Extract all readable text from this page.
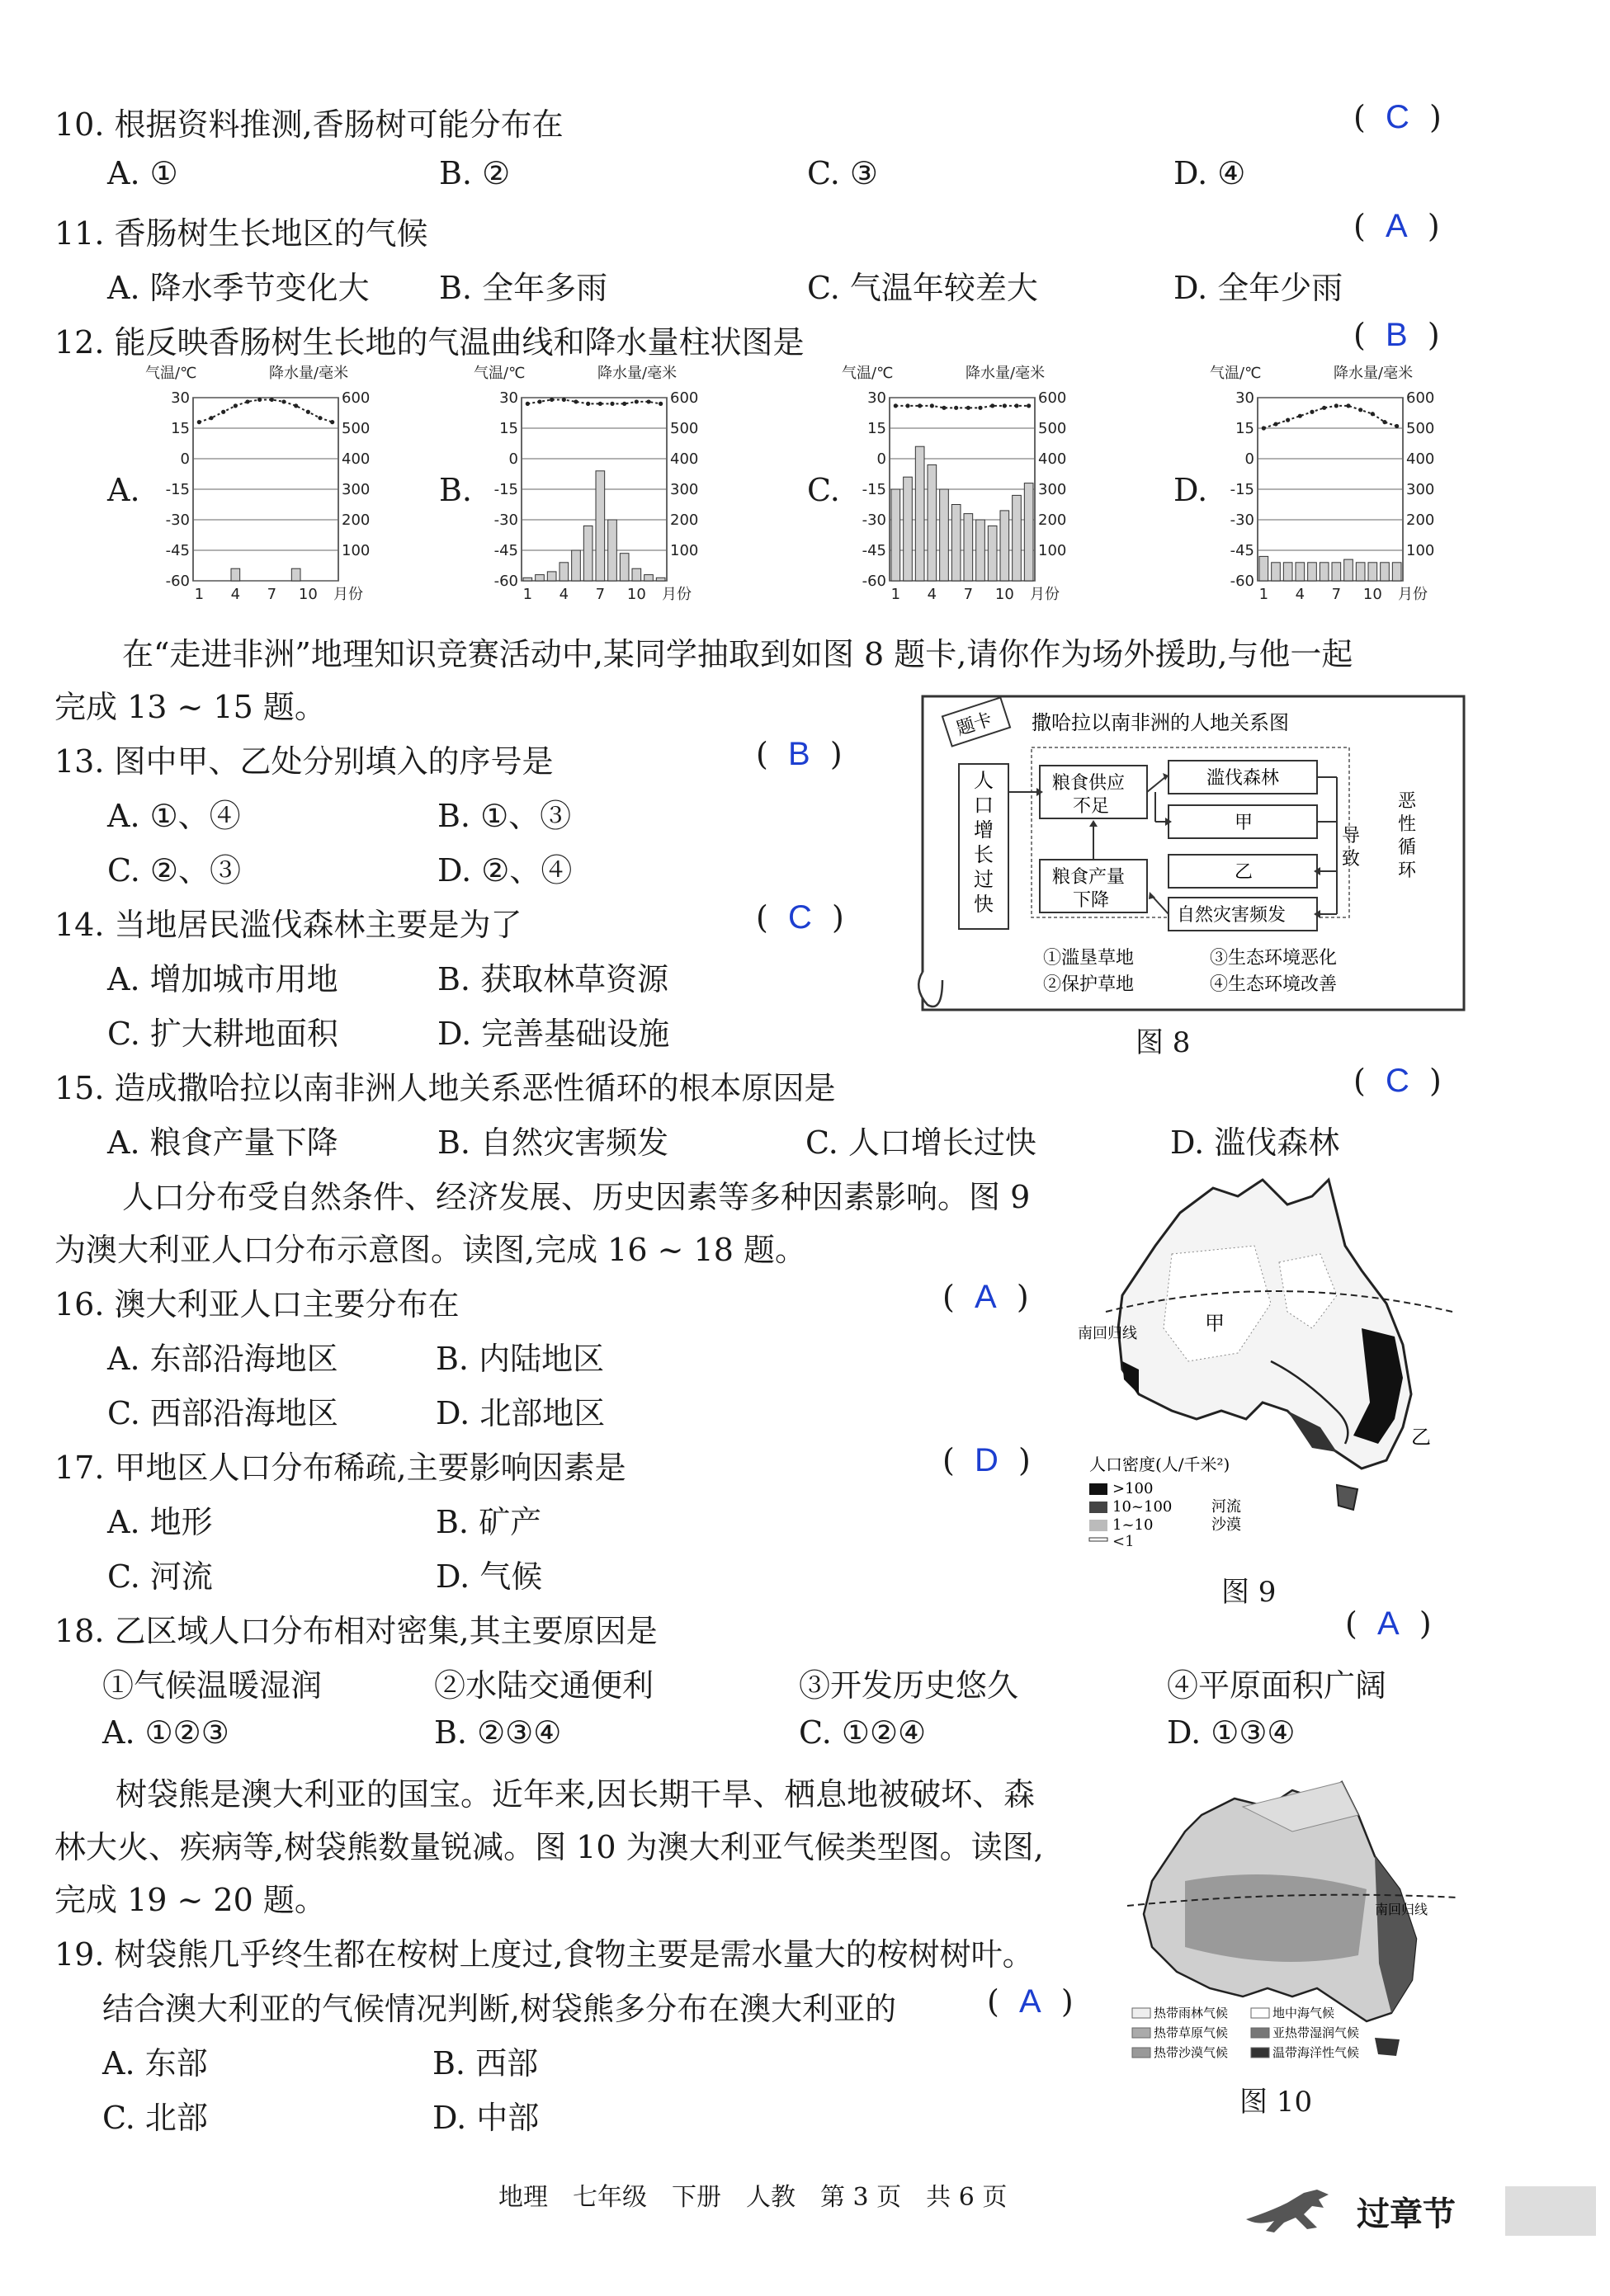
10. 根据资料推测,香肠树可能分布在	(  C  )
A. ①	B. ②	C. ③	D. ④
11. 香肠树生长地区的气候	(  A  )
A. 降水季节变化大 B. 全年多雨	C. 气温年较差大	D. 全年少雨
12. 能反映香肠树生长地的气温曲线和降水量柱状图是	(  B  )
A.	B.	C.	D.
气温/℃	降水量/毫米
30	600
15	500
0	400
-15	300
-30	200
-45	100
-60
1 4 7 10 月份
气温/℃	降水量/毫米
30	600
15	500
0	400
-15	300
-30	200
-45	100
-60
1 4 7 10 月份
气温/℃	降水量/毫米
30	600
15	500
0	400
-15	300
-30	200
-45	100
-60
1 4 7 10 月份
气温/℃	降水量/毫米
30	600
15	500
0	400
-15	300
-30	200
-45	100
-60
1 4 7 10 月份
在“走进非洲”地理知识竞赛活动中,某同学抽取到如图 8 题卡,请你作为场外援助,与他一起
完成 13 ~ 15 题。
13. 图中甲、乙处分别填入的序号是	(  B  )
A. ①、④	B. ①、③
C. ②、③	D. ②、④
14. 当地居民滥伐森林主要是为了	(  C  )
A. 增加城市用地	B. 获取林草资源
C. 扩大耕地面积	D. 完善基础设施
题卡 撒哈拉以南非洲的人地关系图
人
口
增
长
过
快
粮食供应
不足
滥伐森林
甲
乙
自然灾害频发
粮食产量
下降
导
致
恶
性
循
环
①滥垦草地	③生态环境恶化
②保护草地	④生态环境改善
图 8
15. 造成撒哈拉以南非洲人地关系恶性循环的根本原因是	(  C  )
A. 粮食产量下降	B. 自然灾害频发	C. 人口增长过快	D. 滥伐森林
人口分布受自然条件、经济发展、历史因素等多种因素影响。图 9
为澳大利亚人口分布示意图。读图,完成 16 ~ 18 题。
16. 澳大利亚人口主要分布在	(  A  )
A. 东部沿海地区	B. 内陆地区
C. 西部沿海地区	D. 北部地区
17. 甲地区人口分布稀疏,主要影响因素是	(  D  )
A. 地形	B. 矿产
C. 河流	D. 气候
南回归线	甲
乙
人口密度(人/千米²)
>100
10~100
1~10
河流
沙漠
<1
图 9
18. 乙区域人口分布相对密集,其主要原因是	(  A  )
①气候温暖湿润	②水陆交通便利	③开发历史悠久	④平原面积广阔
A. ①②③	B. ②③④	C. ①②④	D. ①③④
树袋熊是澳大利亚的国宝。近年来,因长期干旱、栖息地被破坏、森
林大火、疾病等,树袋熊数量锐减。图 10 为澳大利亚气候类型图。读图,
完成 19 ~ 20 题。
19. 树袋熊几乎终生都在桉树上度过,食物主要是需水量大的桉树树叶。
结合澳大利亚的气候情况判断,树袋熊多分布在澳大利亚的	(  A  )
A. 东部	B. 西部
C. 北部	D. 中部
南回归线
热带雨林气候	地中海气候
热带草原气候	亚热带湿润气候
热带沙漠气候	温带海洋性气候
图 10
地理　七年级　下册　人教　第 3 页　共 6 页	过章节
